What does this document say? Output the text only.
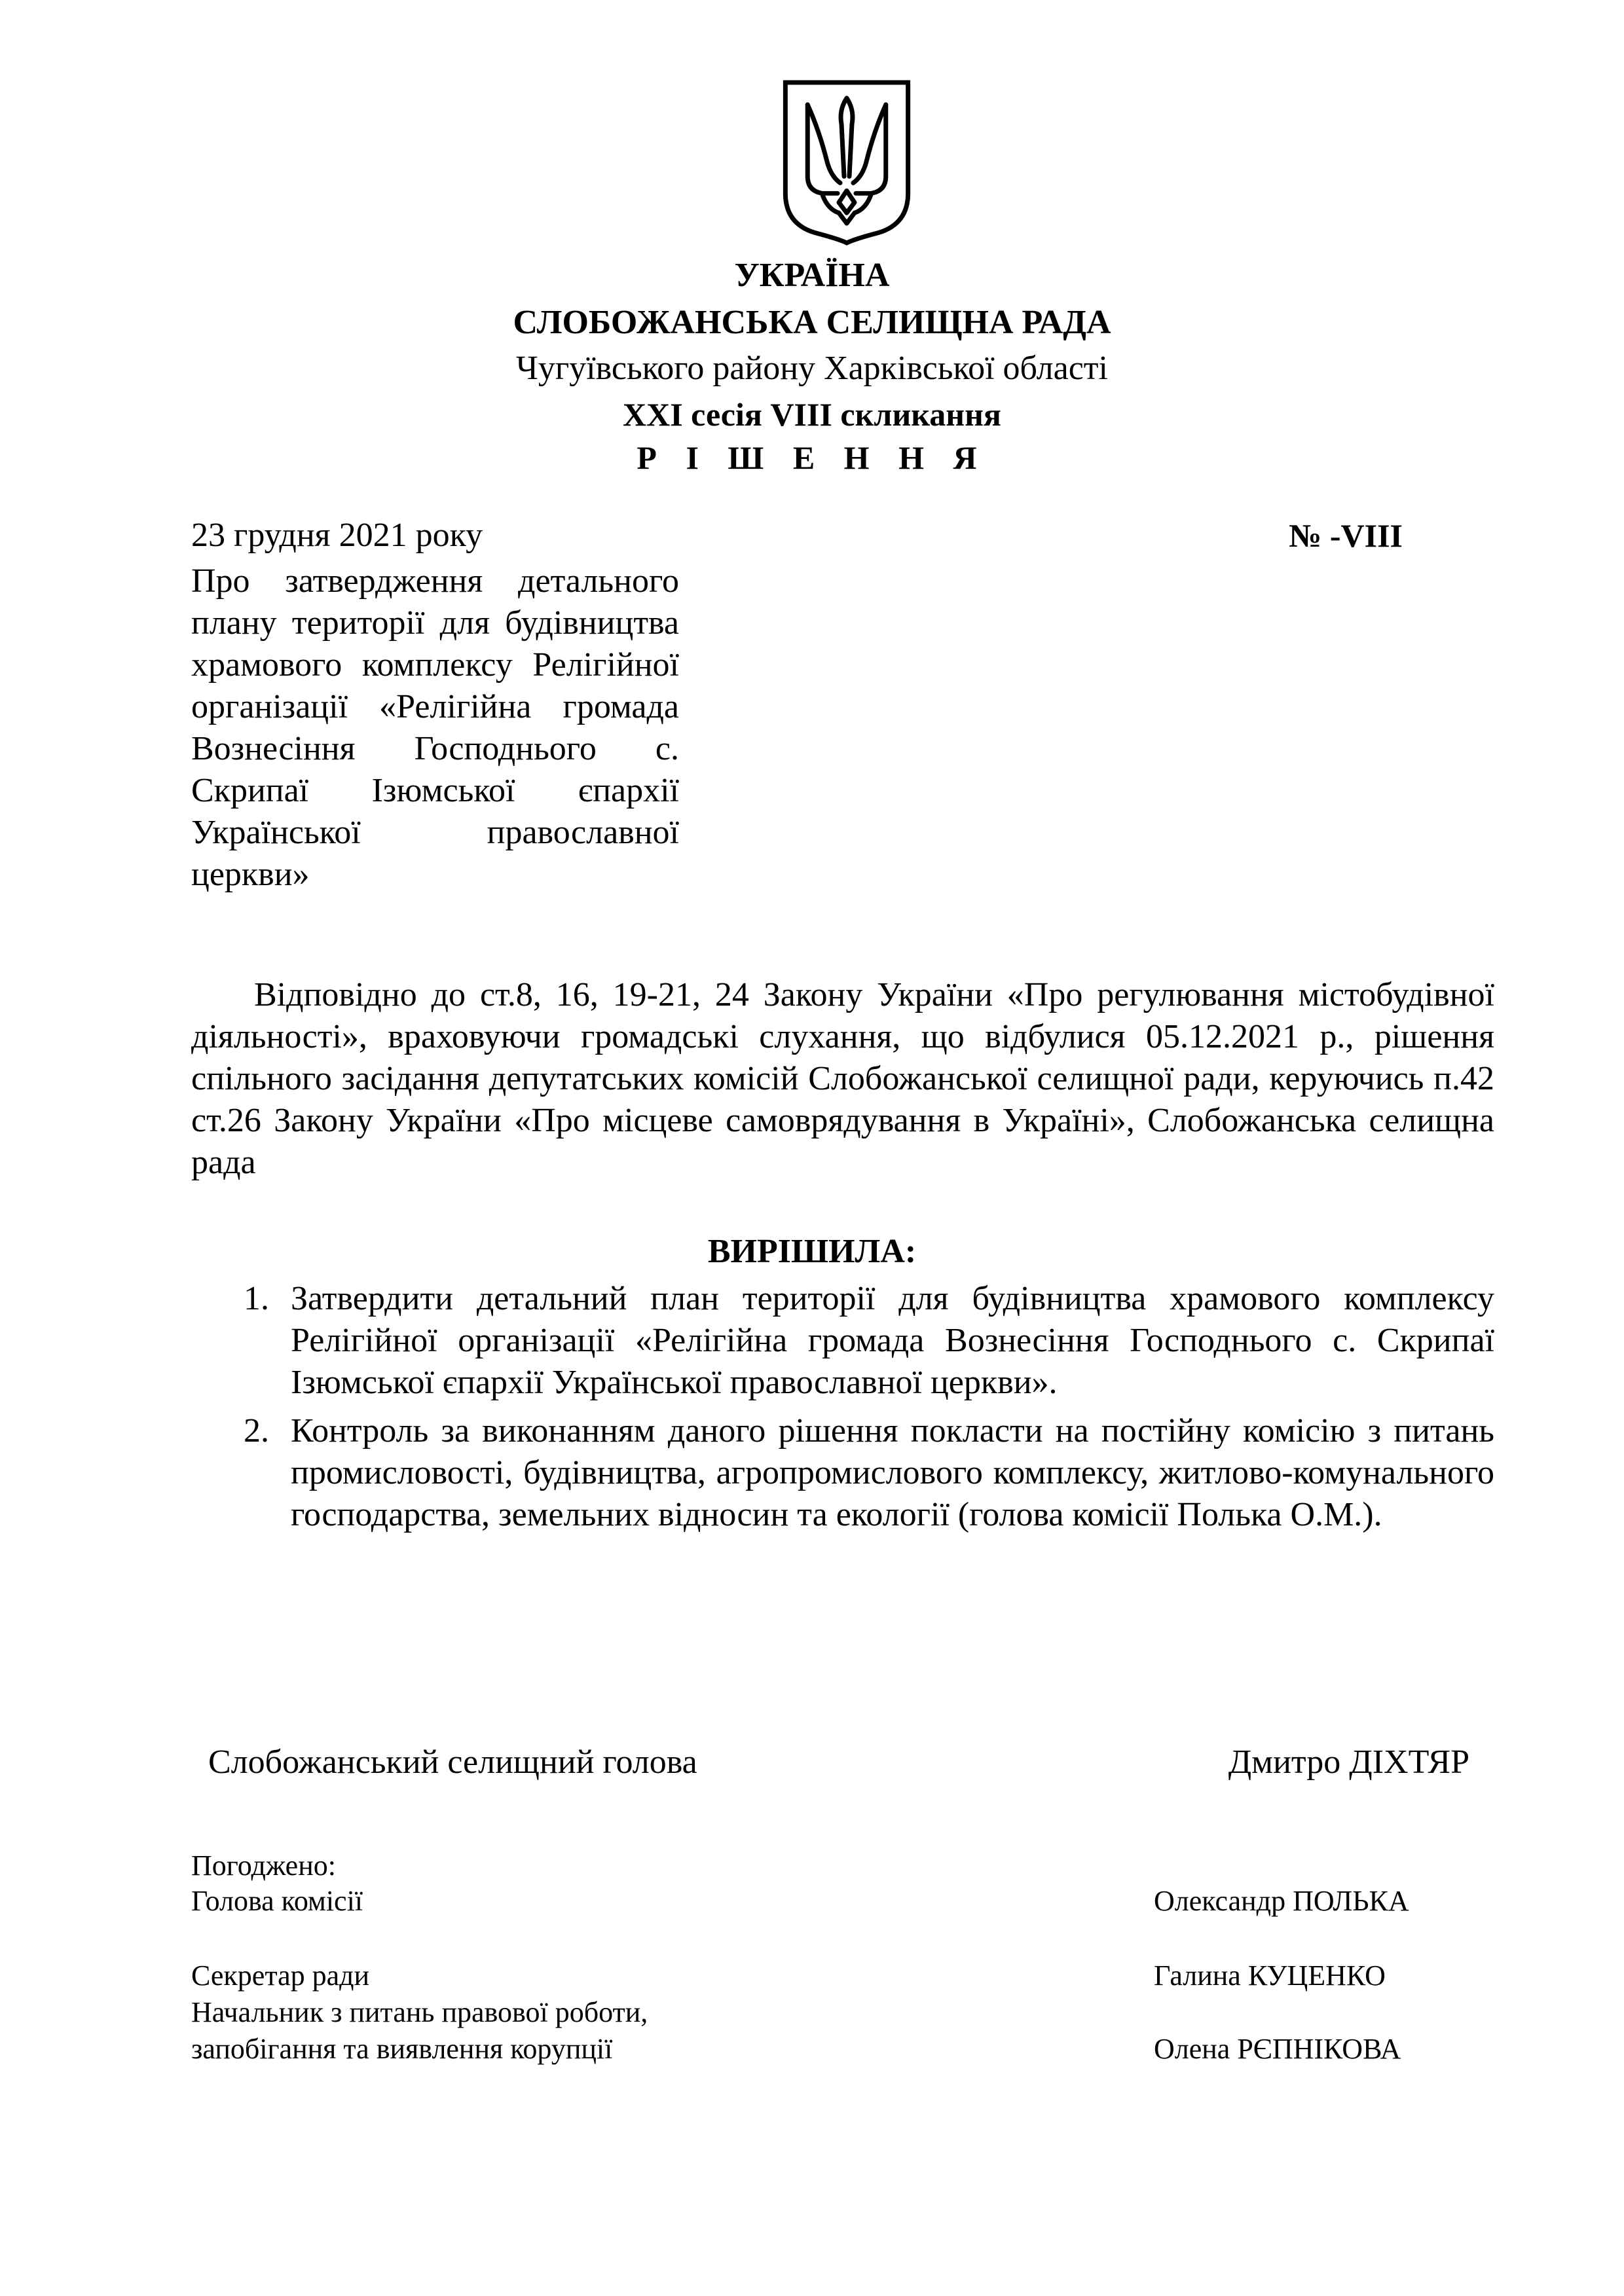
УКРАЇНА
СЛОБОЖАНСЬКА СЕЛИЩНА РАДА
Чугуївського району Харківської області
ХХІ сесія VIII скликання
Р І Ш Е Н Н Я
23 грудня 2021 року	№ -VIII
Про затвердження детального плану території для будівництва храмового комплексу Релігійної організації «Релігійна громада Вознесіння Господнього с. Скрипаї Ізюмської єпархії Української православної церкви»
Відповідно до ст.8, 16, 19-21, 24 Закону України «Про регулювання містобудівної діяльності», враховуючи громадські слухання, що відбулися 05.12.2021 р., рішення спільного засідання депутатських комісій Слобожанської селищної ради, керуючись п.42 ст.26 Закону України «Про місцеве самоврядування в Україні», Слобожанська селищна рада
ВИРІШИЛА:
1. Затвердити детальний план території для будівництва храмового комплексу Релігійної організації «Релігійна громада Вознесіння Господнього с. Скрипаї Ізюмської єпархії Української православної церкви».
2. Контроль за виконанням даного рішення покласти на постійну комісію з питань промисловості, будівництва, агропромислового комплексу, житлово-комунального господарства, земельних відносин та екології (голова комісії Полька О.М.).
Слобожанський селищний голова	Дмитро ДІХТЯР
Погоджено:
Голова комісії	Олександр ПОЛЬКА
Секретар ради	Галина КУЦЕНКО
Начальник з питань правової роботи,
запобігання та виявлення корупції	Олена РЄПНІКОВА
